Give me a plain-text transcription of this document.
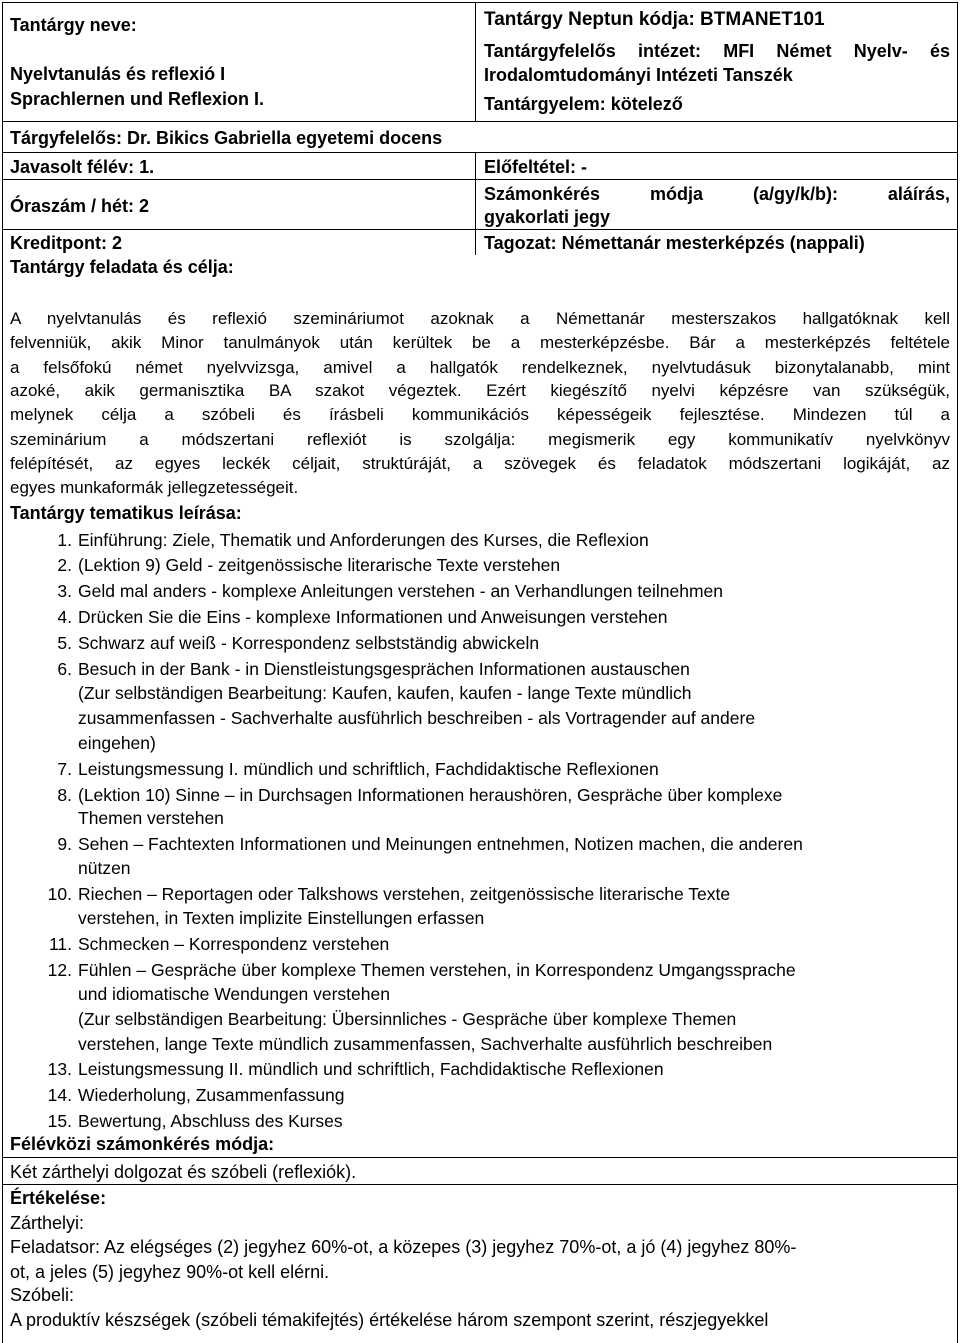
Tantárgy neve:
Nyelvtanulás és reflexió I
Sprachlernen und Reflexion I.
Tantárgy Neptun kódja: BTMANET101
Tantárgyfelelős intézet: MFI Német Nyelv- és
Irodalomtudományi Intézeti Tanszék
Tantárgyelem: kötelező
Tárgyfelelős: Dr. Bikics Gabriella egyetemi docens
Javasolt félév: 1.	Előfeltétel: -
Óraszám / hét: 2
Számonkérés	módja	(a/gy/k/b):	aláírás,
gyakorlati jegy
Kreditpont: 2	Tagozat: Némettanár mesterképzés (nappali)
Tantárgy feladata és célja:
A nyelvtanulás és reflexió szemináriumot azoknak a Némettanár mesterszakos hallgatóknak kell
felvenniük, akik Minor tanulmányok után kerültek be a mesterképzésbe. Bár a mesterképzés feltétele
a felsőfokú német nyelvvizsga, amivel a hallgatók rendelkeznek, nyelvtudásuk bizonytalanabb, mint
azoké, akik germanisztika BA szakot végeztek. Ezért kiegészítő nyelvi képzésre van szükségük,
melynek célja a szóbeli és írásbeli kommunikációs képességeik fejlesztése. Mindezen túl a
szeminárium a módszertani reflexiót is szolgálja: megismerik egy kommunikatív nyelvkönyv
felépítését, az egyes leckék céljait, struktúráját, a szövegek és feladatok módszertani logikáját, az
egyes munkaformák jellegzetességeit.
Tantárgy tematikus leírása:
1. Einführung: Ziele, Thematik und Anforderungen des Kurses, die Reflexion
2. (Lektion 9) Geld - zeitgenössische literarische Texte verstehen
3. Geld mal anders - komplexe Anleitungen verstehen - an Verhandlungen teilnehmen
4. Drücken Sie die Eins - komplexe Informationen und Anweisungen verstehen
5. Schwarz auf weiß - Korrespondenz selbstständig abwickeln
6. Besuch in der Bank - in Dienstleistungsgesprächen Informationen austauschen
(Zur selbständigen Bearbeitung: Kaufen, kaufen, kaufen - lange Texte mündlich
zusammenfassen - Sachverhalte ausführlich beschreiben - als Vortragender auf andere
eingehen)
7. Leistungsmessung I. mündlich und schriftlich, Fachdidaktische Reflexionen
8. (Lektion 10) Sinne – in Durchsagen Informationen heraushören, Gespräche über komplexe
Themen verstehen
9. Sehen – Fachtexten Informationen und Meinungen entnehmen, Notizen machen, die anderen
nützen
10. Riechen – Reportagen oder Talkshows verstehen, zeitgenössische literarische Texte
verstehen, in Texten implizite Einstellungen erfassen
11. Schmecken – Korrespondenz verstehen
12. Fühlen – Gespräche über komplexe Themen verstehen, in Korrespondenz Umgangssprache
und idiomatische Wendungen verstehen
(Zur selbständigen Bearbeitung: Übersinnliches - Gespräche über komplexe Themen
verstehen, lange Texte mündlich zusammenfassen, Sachverhalte ausführlich beschreiben
13. Leistungsmessung II. mündlich und schriftlich, Fachdidaktische Reflexionen
14. Wiederholung, Zusammenfassung
15. Bewertung, Abschluss des Kurses
Félévközi számonkérés módja:
Két zárthelyi dolgozat és szóbeli (reflexiók).
Értékelése:
Zárthelyi:
Feladatsor: Az elégséges (2) jegyhez 60%-ot, a közepes (3) jegyhez 70%-ot, a jó (4) jegyhez 80%-
ot, a jeles (5) jegyhez 90%-ot kell elérni.
Szóbeli:
A produktív készségek (szóbeli témakifejtés) értékelése három szempont szerint, részjegyekkel
